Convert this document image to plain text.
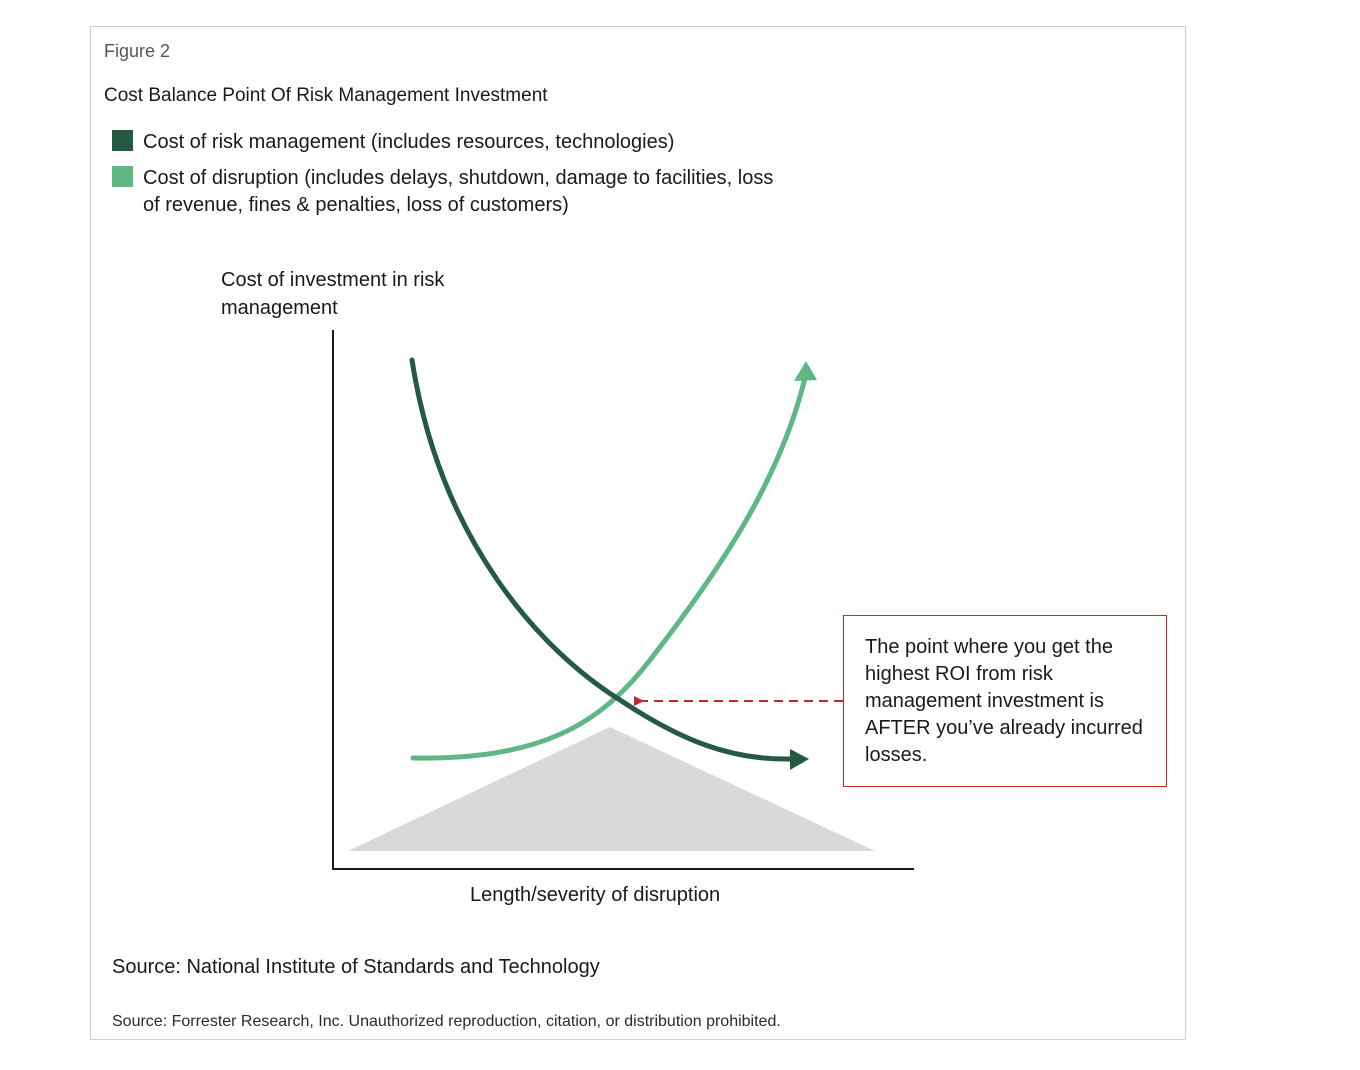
Figure 2
Cost Balance Point Of Risk Management Investment
Cost of risk management (includes resources, technologies)
Cost of disruption (includes delays, shutdown, damage to facilities, loss of revenue, fines & penalties, loss of customers)
Cost of investment in risk management
Length/severity of disruption
The point where you get the highest ROI from risk management investment is AFTER you’ve already incurred losses.
Source: National Institute of Standards and Technology
Source: Forrester Research, Inc. Unauthorized reproduction, citation, or distribution prohibited.
